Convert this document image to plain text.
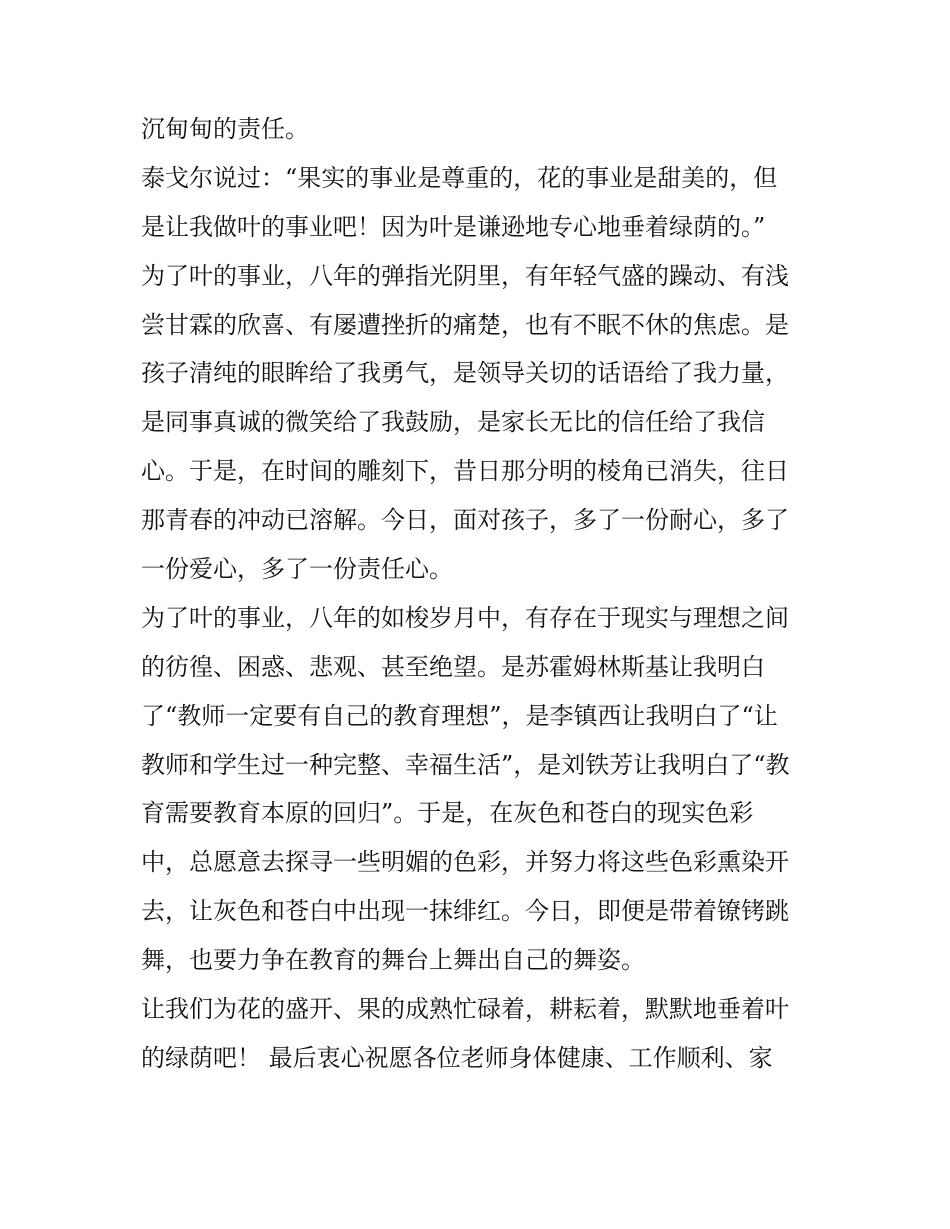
沉甸甸的责任。
泰戈尔说过：“果实的事业是尊重的，花的事业是甜美的，但
是让我做叶的事业吧！因为叶是谦逊地专心地垂着绿荫的。”
为了叶的事业，八年的弹指光阴里，有年轻气盛的躁动、有浅
尝甘霖的欣喜、有屡遭挫折的痛楚，也有不眠不休的焦虑。是
孩子清纯的眼眸给了我勇气，是领导关切的话语给了我力量，
是同事真诚的微笑给了我鼓励，是家长无比的信任给了我信
心。于是，在时间的雕刻下，昔日那分明的棱角已消失，往日
那青春的冲动已溶解。今日，面对孩子，多了一份耐心，多了
一份爱心，多了一份责任心。
为了叶的事业，八年的如梭岁月中，有存在于现实与理想之间
的彷徨、困惑、悲观、甚至绝望。是苏霍姆林斯基让我明白
了“教师一定要有自己的教育理想”，是李镇西让我明白了“让
教师和学生过一种完整、幸福生活”，是刘铁芳让我明白了“教
育需要教育本原的回归”。于是，在灰色和苍白的现实色彩
中，总愿意去探寻一些明媚的色彩，并努力将这些色彩熏染开
去，让灰色和苍白中出现一抹绯红。今日，即便是带着镣铐跳
舞，也要力争在教育的舞台上舞出自己的舞姿。
让我们为花的盛开、果的成熟忙碌着，耕耘着，默默地垂着叶
的绿荫吧！ 最后衷心祝愿各位老师身体健康、工作顺利、家
